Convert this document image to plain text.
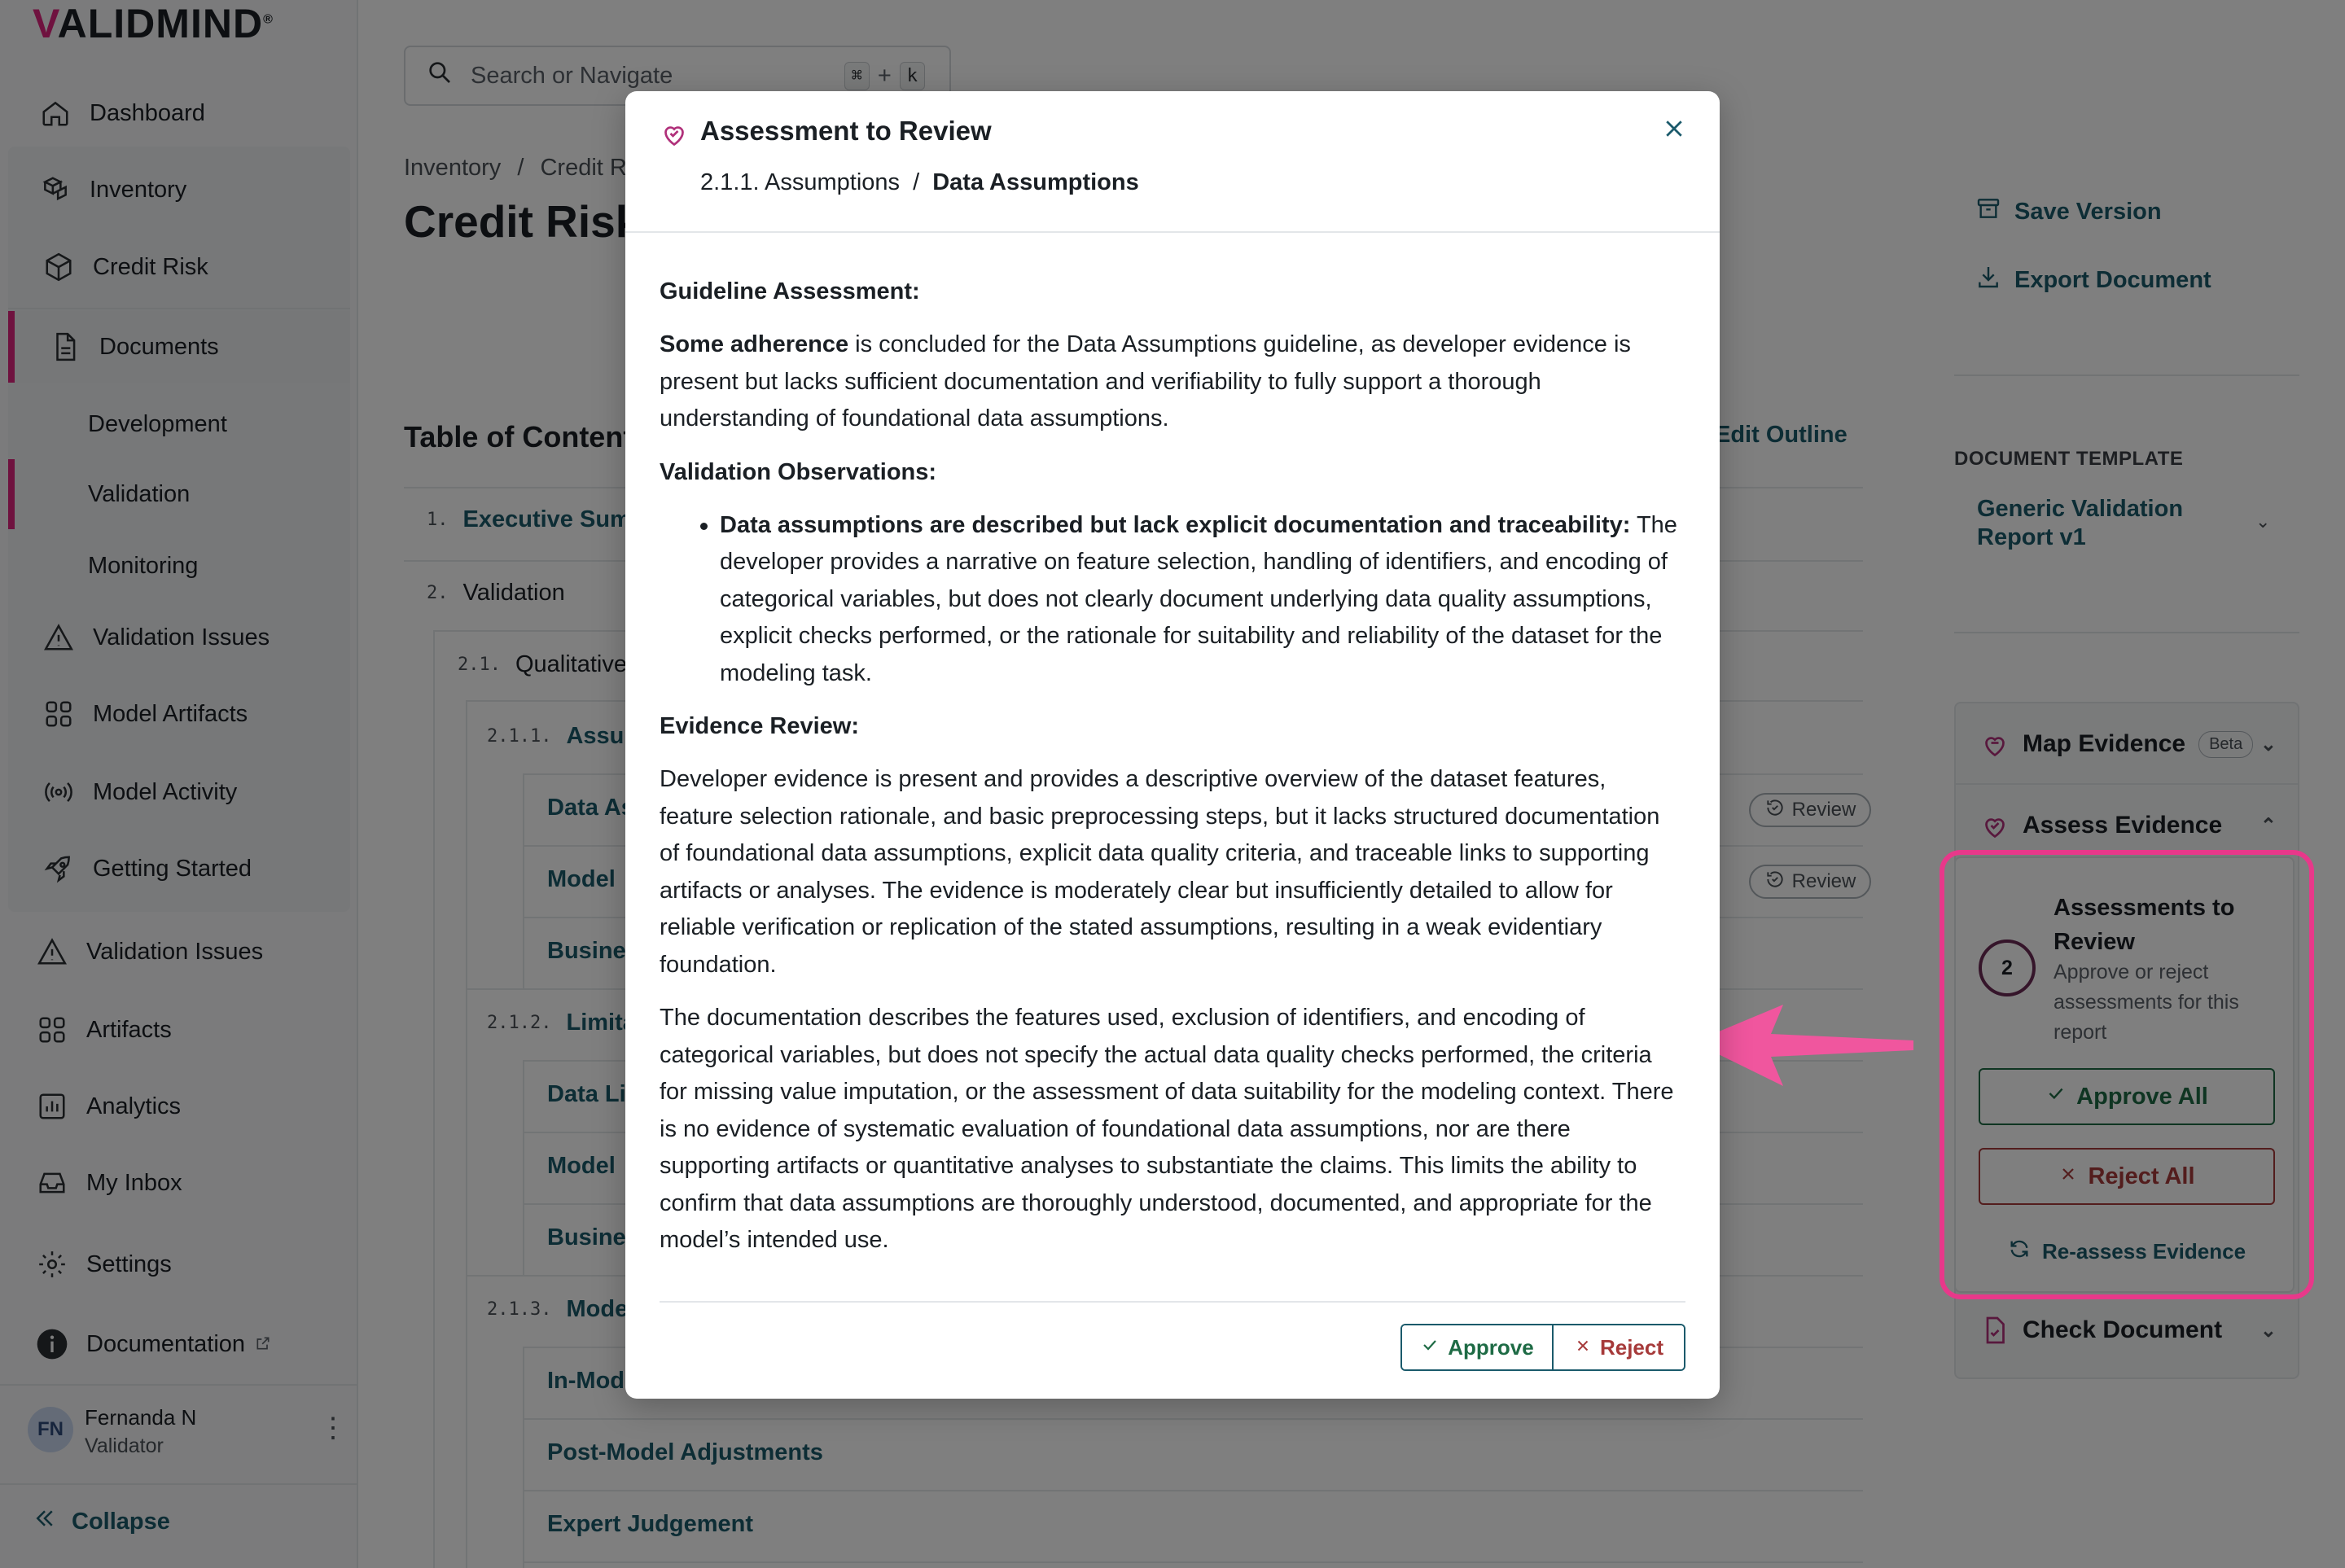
Assessment to Review
2.1.1. Assumptions / Data Assumptions
Guideline Assessment:

Some adherence is concluded for the Data Assumptions guideline, as developer evidence is present but lacks sufficient documentation and verifiability to fully support a thorough understanding of foundational data assumptions.

Validation Observations:
Data assumptions are described but lack explicit documentation and traceability: The developer provides a narrative on feature selection, handling of identifiers, and encoding of categorical variables, but does not clearly document underlying data quality assumptions, explicit checks performed, or the rationale for suitability and reliability of the dataset for the modeling task.
Evidence Review:

Developer evidence is present and provides a descriptive overview of the dataset features, feature selection rationale, and basic preprocessing steps, but it lacks structured documentation of foundational data assumptions, explicit data quality criteria, and traceable links to supporting artifacts or analyses. The evidence is moderately clear but insufficiently detailed to allow for reliable verification or replication of the stated assumptions, resulting in a weak evidentiary foundation.

The documentation describes the features used, exclusion of identifiers, and encoding of categorical variables, but does not specify the actual data quality checks performed, the criteria for missing value imputation, or the assessment of data suitability for the modeling context. There is no evidence of systematic evaluation of foundational data assumptions, nor are there supporting artifacts or quantitative analyses to substantiate the claims. This limits the ability to confirm that data assumptions are thoroughly understood, documented, and appropriate for the model’s intended use.

Approve	Reject
